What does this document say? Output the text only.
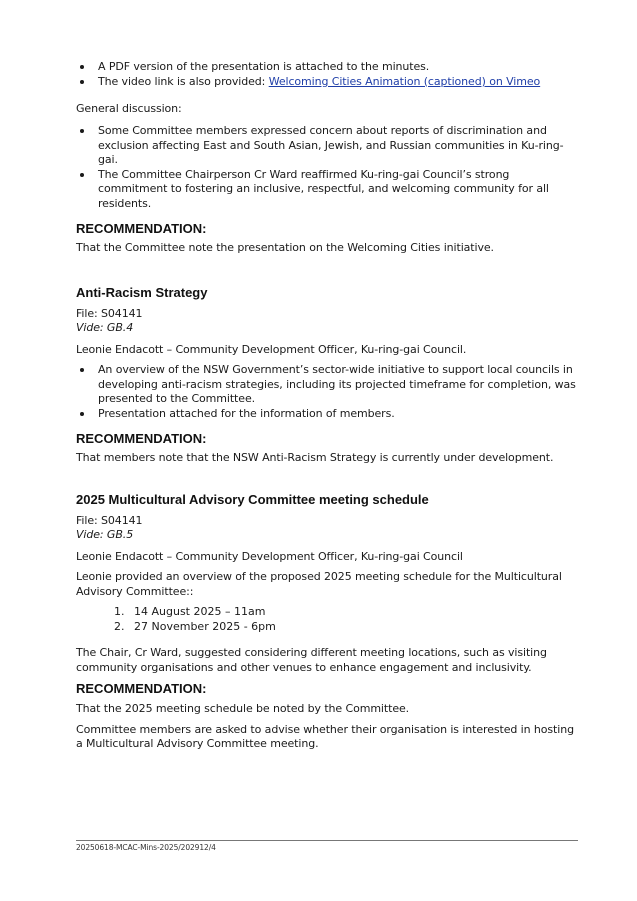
A PDF version of the presentation is attached to the minutes.
The video link is also provided: Welcoming Cities Animation (captioned) on Vimeo

General discussion:

Some Committee members expressed concern about reports of discrimination and exclusion affecting East and South Asian, Jewish, and Russian communities in Ku-ring-gai.
The Committee Chairperson Cr Ward reaffirmed Ku-ring-gai Council’s strong commitment to fostering an inclusive, respectful, and welcoming community for all residents.

RECOMMENDATION:

That the Committee note the presentation on the Welcoming Cities initiative.

Anti-Racism Strategy

File: S04141

Vide: GB.4

Leonie Endacott – Community Development Officer, Ku-ring-gai Council.

An overview of the NSW Government’s sector-wide initiative to support local councils in developing anti-racism strategies, including its projected timeframe for completion, was presented to the Committee.
Presentation attached for the information of members.

RECOMMENDATION:

That members note that the NSW Anti-Racism Strategy is currently under development.

2025 Multicultural Advisory Committee meeting schedule

File: S04141

Vide: GB.5

Leonie Endacott – Community Development Officer, Ku-ring-gai Council

Leonie provided an overview of the proposed 2025 meeting schedule for the Multicultural Advisory Committee::

1. 14 August 2025 – 11am
2. 27 November 2025 - 6pm

The Chair, Cr Ward, suggested considering different meeting locations, such as visiting community organisations and other venues to enhance engagement and inclusivity.

RECOMMENDATION:

That the 2025 meeting schedule be noted by the Committee.

Committee members are asked to advise whether their organisation is interested in hosting a Multicultural Advisory Committee meeting.

20250618-MCAC-Mins-2025/202912/4
